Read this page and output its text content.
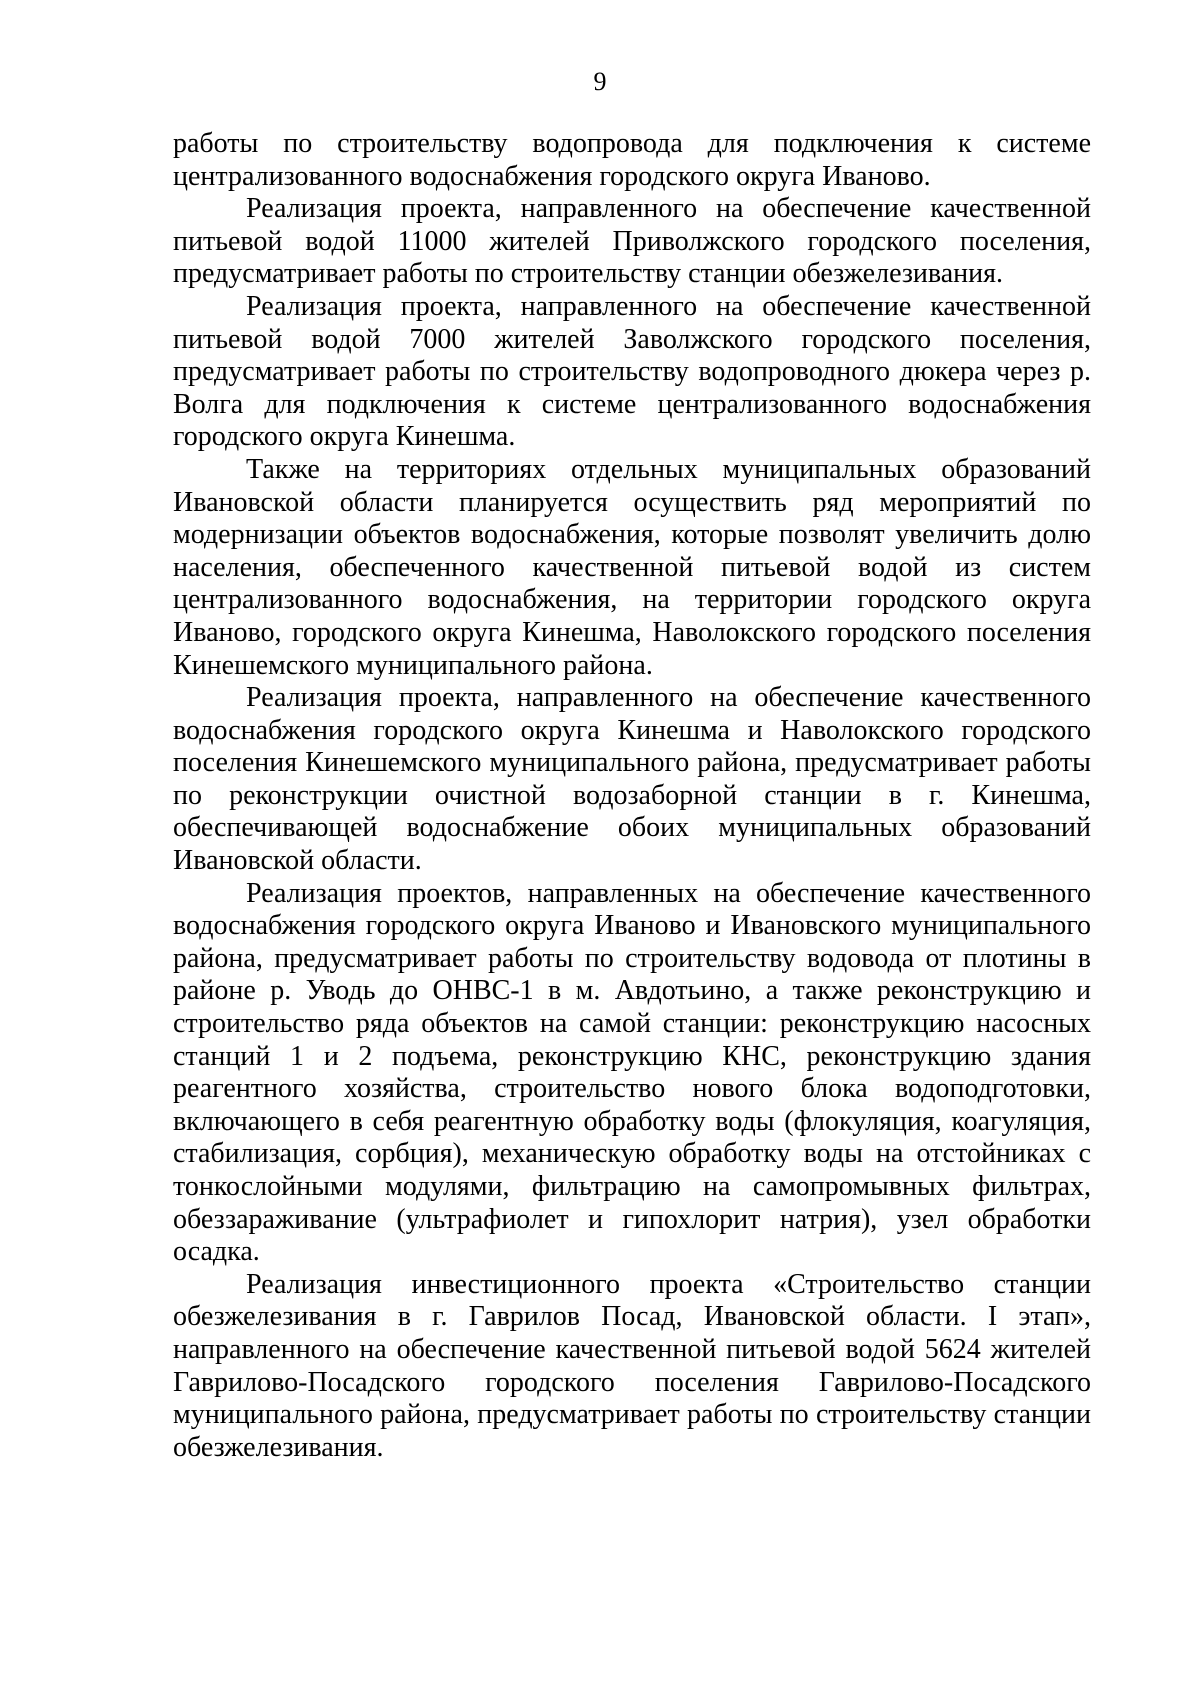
9

работы по строительству водопровода для подключения к системе централизованного водоснабжения городского округа Иваново.

Реализация проекта, направленного на обеспечение качественной питьевой водой 11000 жителей Приволжского городского поселения, предусматривает работы по строительству станции обезжелезивания.

Реализация проекта, направленного на обеспечение качественной питьевой водой 7000 жителей Заволжского городского поселения, предусматривает работы по строительству водопроводного дюкера через р. Волга для подключения к системе централизованного водоснабжения городского округа Кинешма.

Также на территориях отдельных муниципальных образований Ивановской области планируется осуществить ряд мероприятий по модернизации объектов водоснабжения, которые позволят увеличить долю населения, обеспеченного качественной питьевой водой из систем централизованного водоснабжения, на территории городского округа Иваново, городского округа Кинешма, Наволокского городского поселения Кинешемского муниципального района.

Реализация проекта, направленного на обеспечение качественного водоснабжения городского округа Кинешма и Наволокского городского поселения Кинешемского муниципального района, предусматривает работы по реконструкции очистной водозаборной станции в г. Кинешма, обеспечивающей водоснабжение обоих муниципальных образований Ивановской области.

Реализация проектов, направленных на обеспечение качественного водоснабжения городского округа Иваново и Ивановского муниципального района, предусматривает работы по строительству водовода от плотины в районе р. Уводь до ОНВС-1 в м. Авдотьино, а также реконструкцию и строительство ряда объектов на самой станции: реконструкцию насосных станций 1 и 2 подъема, реконструкцию КНС, реконструкцию здания реагентного хозяйства, строительство нового блока водоподготовки, включающего в себя реагентную обработку воды (флокуляция, коагуляция, стабилизация, сорбция), механическую обработку воды на отстойниках с тонкослойными модулями, фильтрацию на самопромывных фильтрах, обеззараживание (ультрафиолет и гипохлорит натрия), узел обработки осадка.

Реализация инвестиционного проекта «Строительство станции обезжелезивания в г. Гаврилов Посад, Ивановской области. I этап», направленного на обеспечение качественной питьевой водой 5624 жителей Гаврилово-Посадского городского поселения Гаврилово-Посадского муниципального района, предусматривает работы по строительству станции обезжелезивания.
